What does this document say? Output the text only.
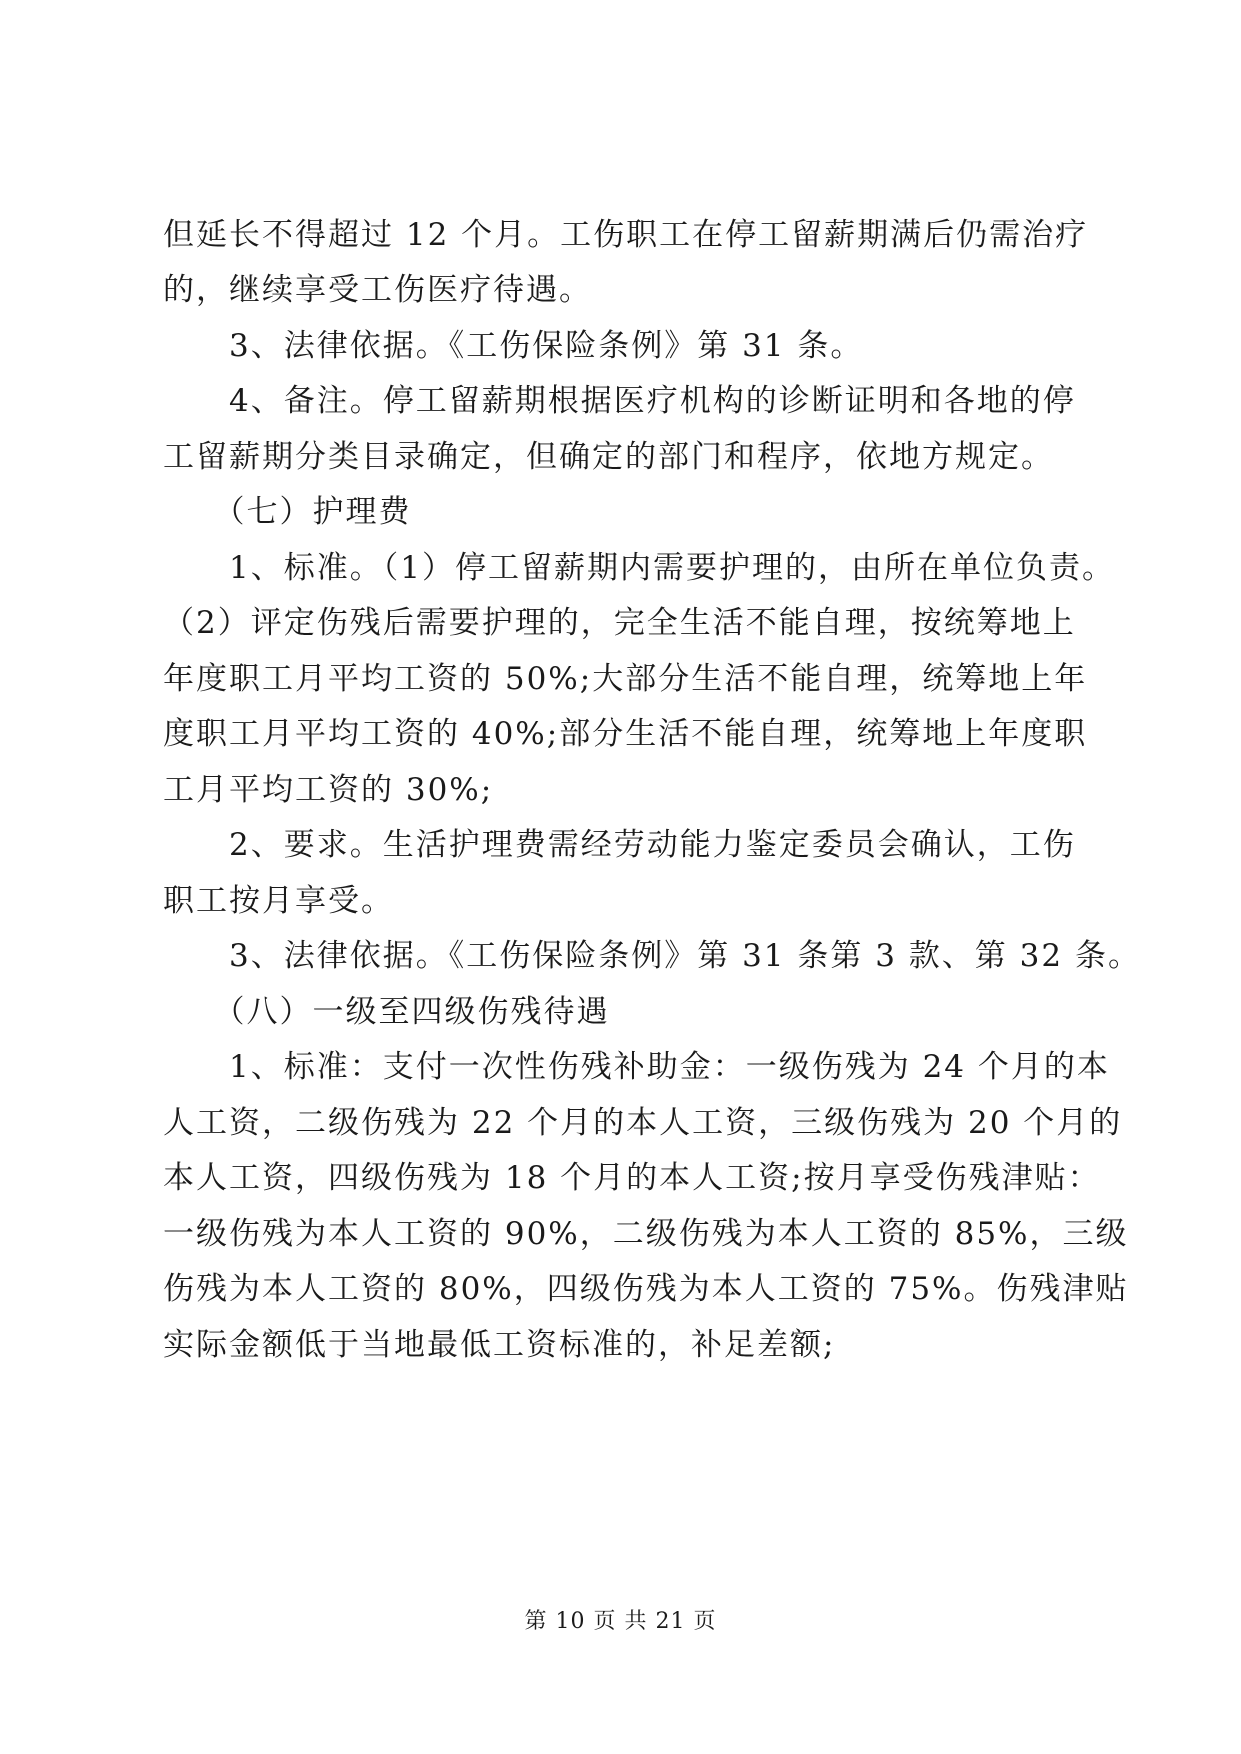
但延长不得超过 12 个月。工伤职工在停工留薪期满后仍需治疗
的，继续享受工伤医疗待遇。
　　3、法律依据。《工伤保险条例》第 31 条。
　　4、备注。停工留薪期根据医疗机构的诊断证明和各地的停
工留薪期分类目录确定，但确定的部门和程序，依地方规定。
　　（七）护理费
　　1、标准。（1）停工留薪期内需要护理的，由所在单位负责。
（2）评定伤残后需要护理的，完全生活不能自理，按统筹地上
年度职工月平均工资的 50%;大部分生活不能自理，统筹地上年
度职工月平均工资的 40%;部分生活不能自理，统筹地上年度职
工月平均工资的 30%;
　　2、要求。生活护理费需经劳动能力鉴定委员会确认，工伤
职工按月享受。
　　3、法律依据。《工伤保险条例》第 31 条第 3 款、第 32 条。
　　（八）一级至四级伤残待遇
　　1、标准：支付一次性伤残补助金：一级伤残为 24 个月的本
人工资，二级伤残为 22 个月的本人工资，三级伤残为 20 个月的
本人工资，四级伤残为 18 个月的本人工资;按月享受伤残津贴：
一级伤残为本人工资的 90%，二级伤残为本人工资的 85%，三级
伤残为本人工资的 80%，四级伤残为本人工资的 75%。伤残津贴
实际金额低于当地最低工资标准的，补足差额;
第 10 页 共 21 页
